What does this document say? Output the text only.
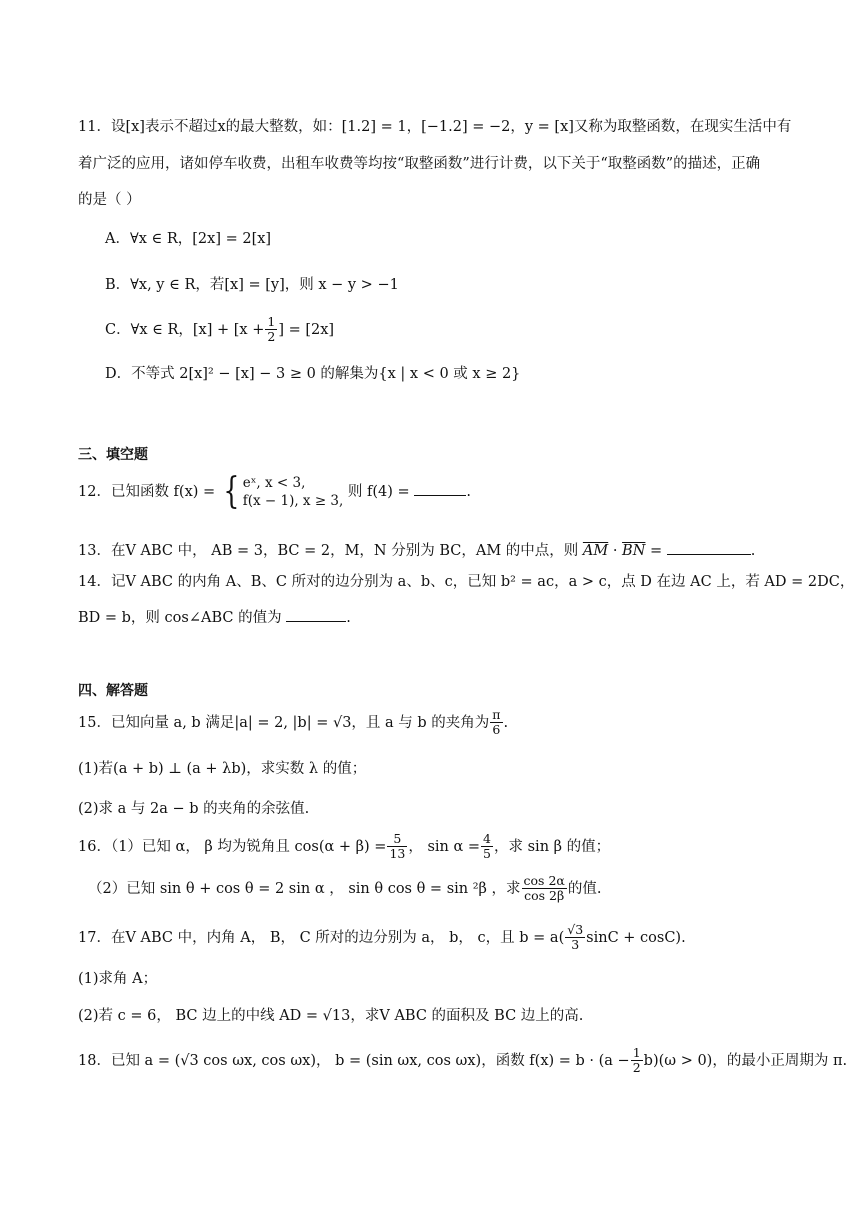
11．设[x]表示不超过x的最大整数，如：[1.2] = 1，[−1.2] = −2，y = [x]又称为取整函数，在现实生活中有
着广泛的应用，诸如停车收费，出租车收费等均按“取整函数”进行计费，以下关于“取整函数”的描述，正确
的是（ ）
A．∀x ∈ R，[2x] = 2[x]
B．∀x, y ∈ R，若[x] = [y]，则 x − y > −1
C．∀x ∈ R，$[x] + [x + \frac{1}{2}$ ] = [2x]
D．不等式 2[x]² − [x] − 3 ≥ 0 的解集为{x | x < 0 或 x ≥ 2}
三、填空题
12．已知函数 f(x) = { eˣ, x < 3,
f(x − 1), x ≥ 3,
则 f(4) =	.
13．在V ABC 中， AB = 3，BC = 2，M，N 分别为 BC，AM 的中点，则 $\overline{AM} \cdot \overline{BN}$ =	.
14．记V ABC 的内角 A、B、C 所对的边分别为 a、b、c，已知 b² = ac，a > c，点 D 在边 AC 上，若 AD = 2DC，
BD = b，则 cos∠ABC 的值为	.
四、解答题
15．已知向量 a, b 满足|a| = 2, |b| = √3，且 a 与 b 的夹角为 $\frac{\pi}{6}$ .
(1)若(a + b) ⊥ (a + λb)，求实数 λ 的值；
(2)求 a 与 2a − b 的夹角的余弦值.
16．（1）已知 α， β 均为锐角且 $\cos(\alpha + \beta) = \frac{5}{13}$ ， $\sin \alpha = \frac{4}{5}$ ，求 sin β 的值；
（2）已知 sin θ + cos θ = 2 sin α ， sin θ cos θ = sin ²β ，求 $\frac{\cos 2\alpha}{\cos 2\beta}$ 的值.
17．在V ABC 中，内角 A， B， C 所对的边分别为 a， b， c，且 $b = a( \frac{√3}{3}$ sinC + cosC).
(1)求角 A；
(2)若 c = 6， BC 边上的中线 AD = √13，求V ABC 的面积及 BC 边上的高.
18．已知 a = (√3 cos ωx, cos ωx)， b = (sin ωx, cos ωx)，函数 $f(x) = b \cdot (a - \frac{1}{2} b)(\omega > 0)$，的最小正周期为 π.
